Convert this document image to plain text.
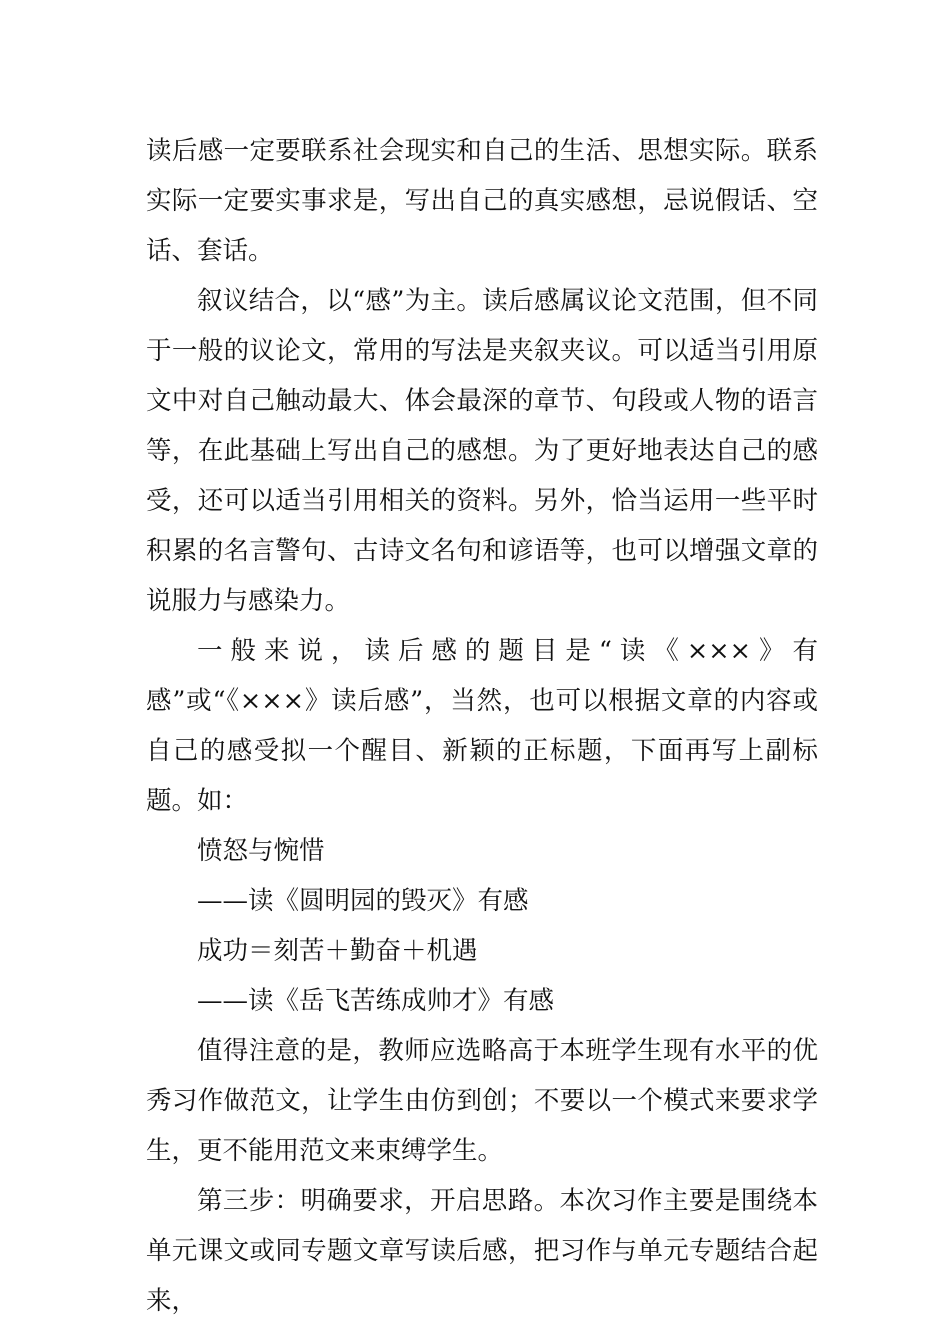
读后感一定要联系社会现实和自己的生活、思想实际。联系实际一定要实事求是，写出自己的真实感想，忌说假话、空话、套话。

叙议结合，以“感”为主。读后感属议论文范围，但不同于一般的议论文，常用的写法是夹叙夹议。可以适当引用原文中对自己触动最大、体会最深的章节、句段或人物的语言等，在此基础上写出自己的感想。为了更好地表达自己的感受，还可以适当引用相关的资料。另外，恰当运用一些平时积累的名言警句、古诗文名句和谚语等，也可以增强文章的说服力与感染力。

一般来说，读后感的题目是“读《×××》有感”或“《×××》读后感”，当然，也可以根据文章的内容或自己的感受拟一个醒目、新颖的正标题，下面再写上副标题。如：

愤怒与惋惜

——读《圆明园的毁灭》有感

成功＝刻苦＋勤奋＋机遇

——读《岳飞苦练成帅才》有感

值得注意的是，教师应选略高于本班学生现有水平的优秀习作做范文，让学生由仿到创；不要以一个模式来要求学生，更不能用范文来束缚学生。

第三步：明确要求，开启思路。本次习作主要是围绕本单元课文或同专题文章写读后感，把习作与单元专题结合起来，
